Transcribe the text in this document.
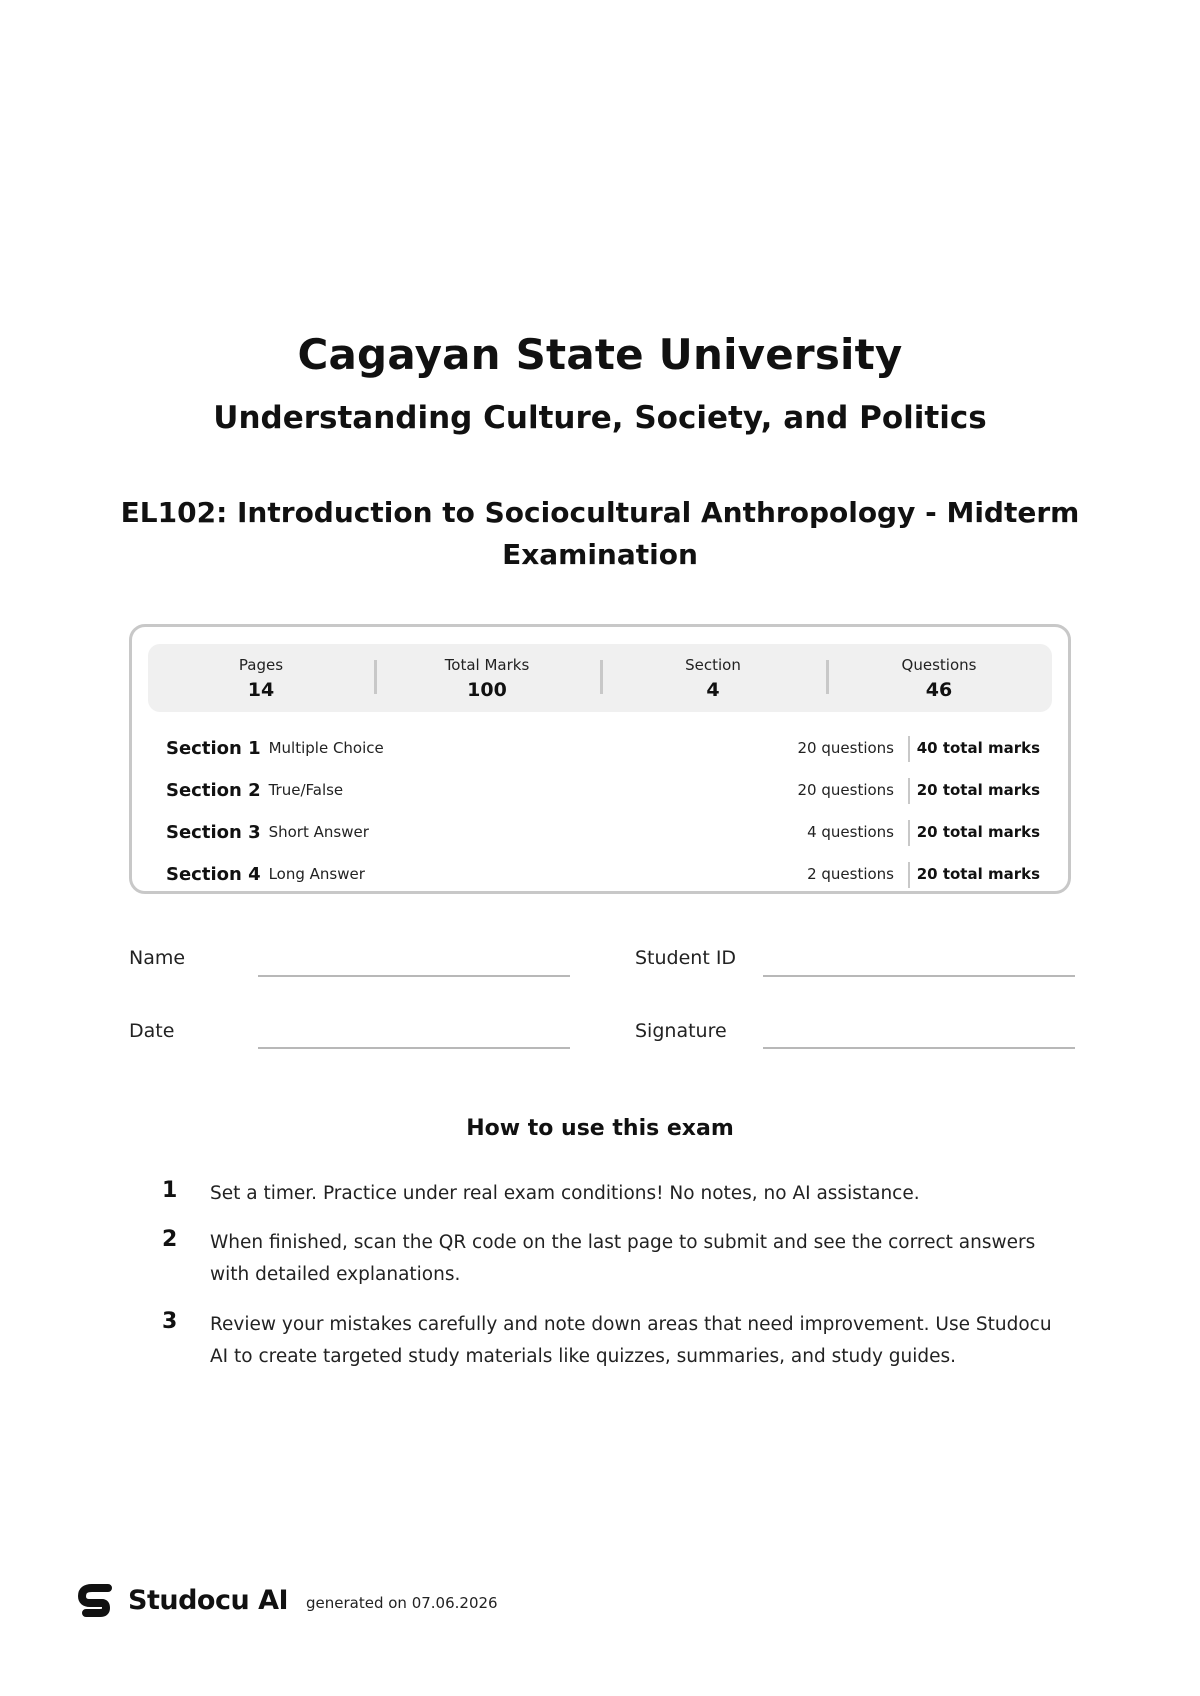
Cagayan State University
Understanding Culture, Society, and Politics
EL102: Introduction to Sociocultural Anthropology - Midterm Examination
Pages
14
Total Marks
100
Section
4
Questions
46
Section 1 Multiple Choice	20 questions 40 total marks
Section 2 True/False	20 questions 20 total marks
Section 3 Short Answer	4 questions 20 total marks
Section 4 Long Answer	2 questions 20 total marks
Name	Student ID
Date	Signature
How to use this exam
1	Set a timer. Practice under real exam conditions! No notes, no AI assistance.
2	When finished, scan the QR code on the last page to submit and see the correct answers with detailed explanations.
3	Review your mistakes carefully and note down areas that need improvement. Use Studocu AI to create targeted study materials like quizzes, summaries, and study guides.
Studocu AI generated on 07.06.2026
